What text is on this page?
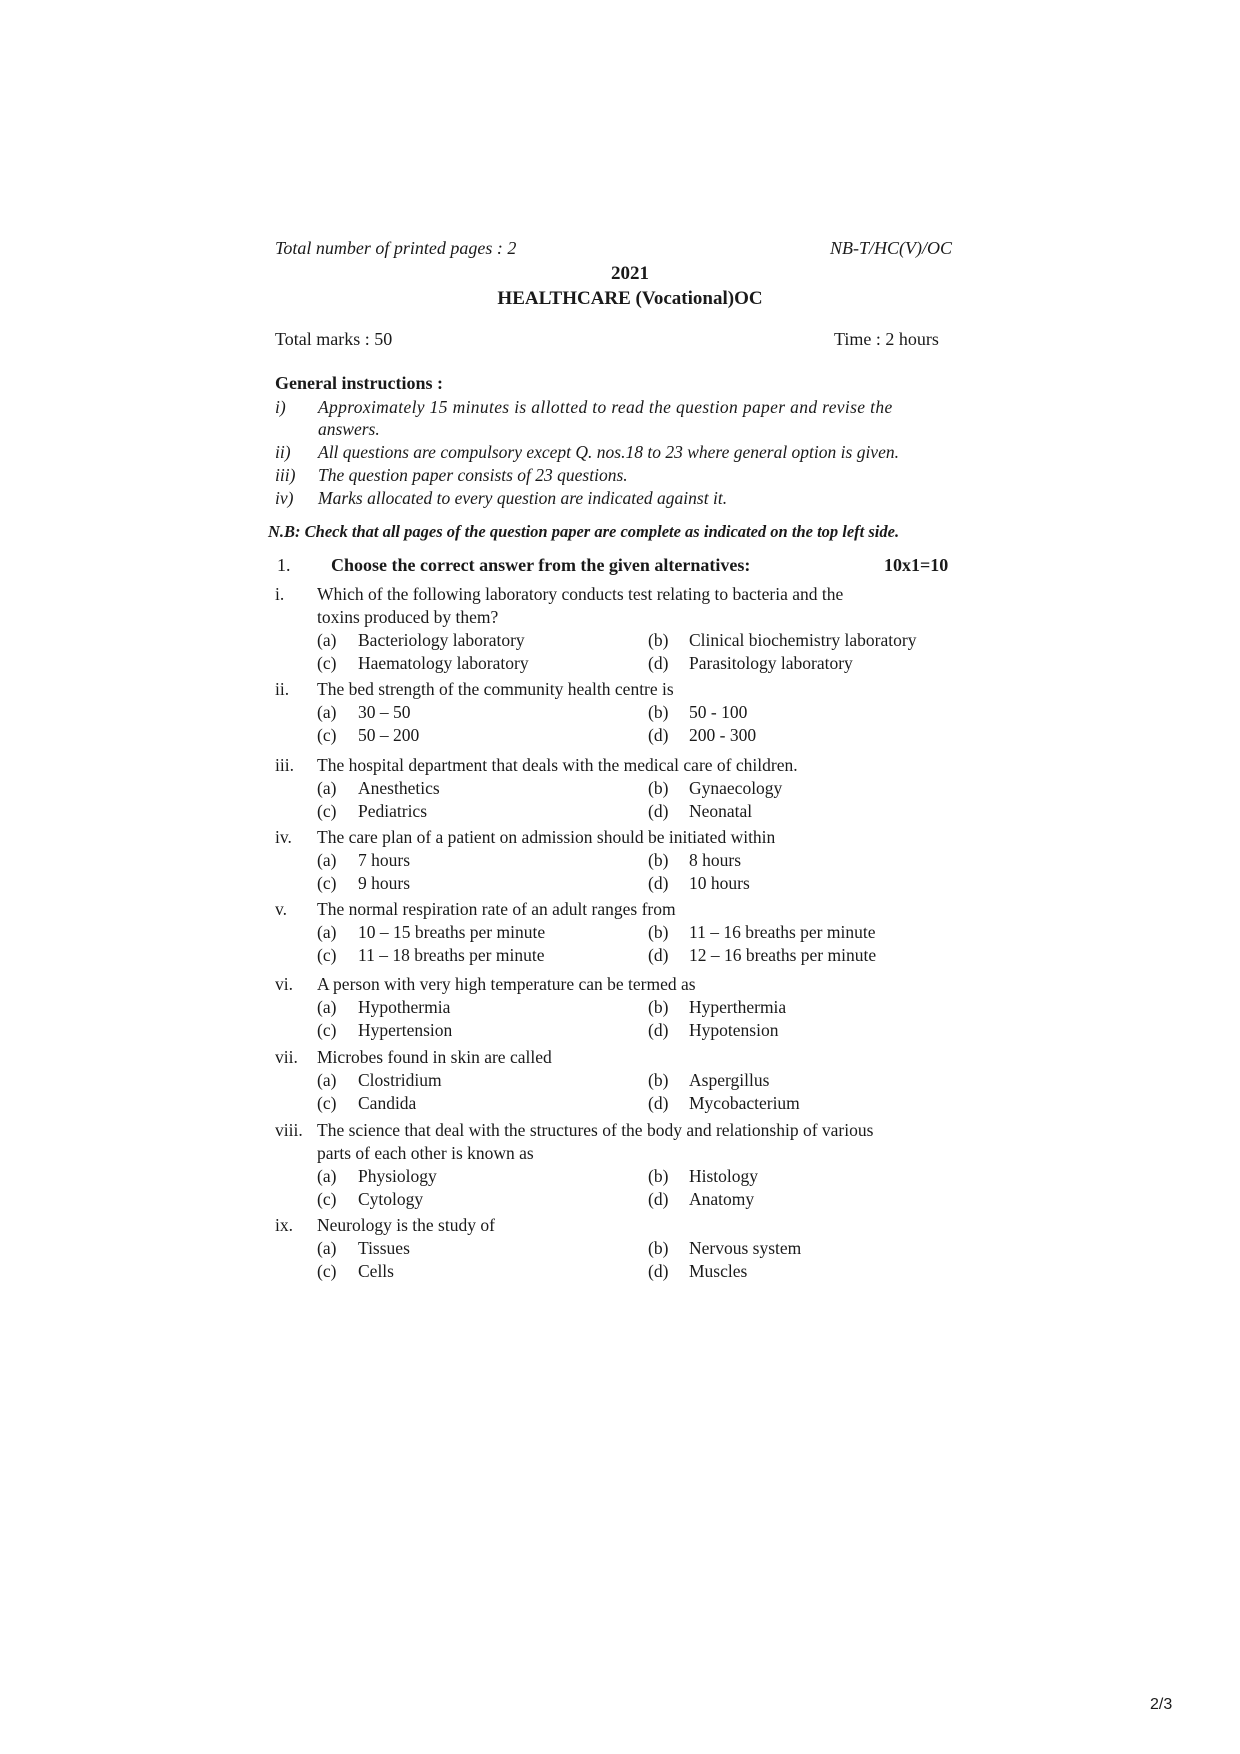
Total number of printed pages : 2	NB-T/HC(V)/OC
2021
HEALTHCARE (Vocational)OC
Total marks : 50	Time : 2 hours
General instructions :
i)	Approximately 15 minutes is allotted to read the question paper and revise the
answers.
ii)	All questions are compulsory except Q. nos.18 to 23 where general option is given.
iii)	The question paper consists of 23 questions.
iv)	Marks allocated to every question are indicated against it.
N.B: Check that all pages of the question paper are complete as indicated on the top left side.
1. Choose the correct answer from the given alternatives:	10x1=10
i. Which of the following laboratory conducts test relating to bacteria and the
toxins produced by them?
(a) Bacteriology laboratory	(b) Clinical biochemistry laboratory
(c) Haematology laboratory	(d) Parasitology laboratory
ii. The bed strength of the community health centre is
(a) 30 – 50	(b) 50 - 100
(c) 50 – 200	(d) 200 - 300
iii. The hospital department that deals with the medical care of children.
(a) Anesthetics	(b) Gynaecology
(c) Pediatrics	(d) Neonatal
iv. The care plan of a patient on admission should be initiated within
(a) 7 hours	(b) 8 hours
(c) 9 hours	(d) 10 hours
v. The normal respiration rate of an adult ranges from
(a) 10 – 15 breaths per minute	(b) 11 – 16 breaths per minute
(c) 11 – 18 breaths per minute	(d) 12 – 16 breaths per minute
vi. A person with very high temperature can be termed as
(a) Hypothermia	(b) Hyperthermia
(c) Hypertension	(d) Hypotension
vii. Microbes found in skin are called
(a) Clostridium	(b) Aspergillus
(c) Candida	(d) Mycobacterium
viii. The science that deal with the structures of the body and relationship of various
parts of each other is known as
(a) Physiology	(b) Histology
(c) Cytology	(d) Anatomy
ix. Neurology is the study of
(a) Tissues	(b) Nervous system
(c) Cells	(d) Muscles
2/3
